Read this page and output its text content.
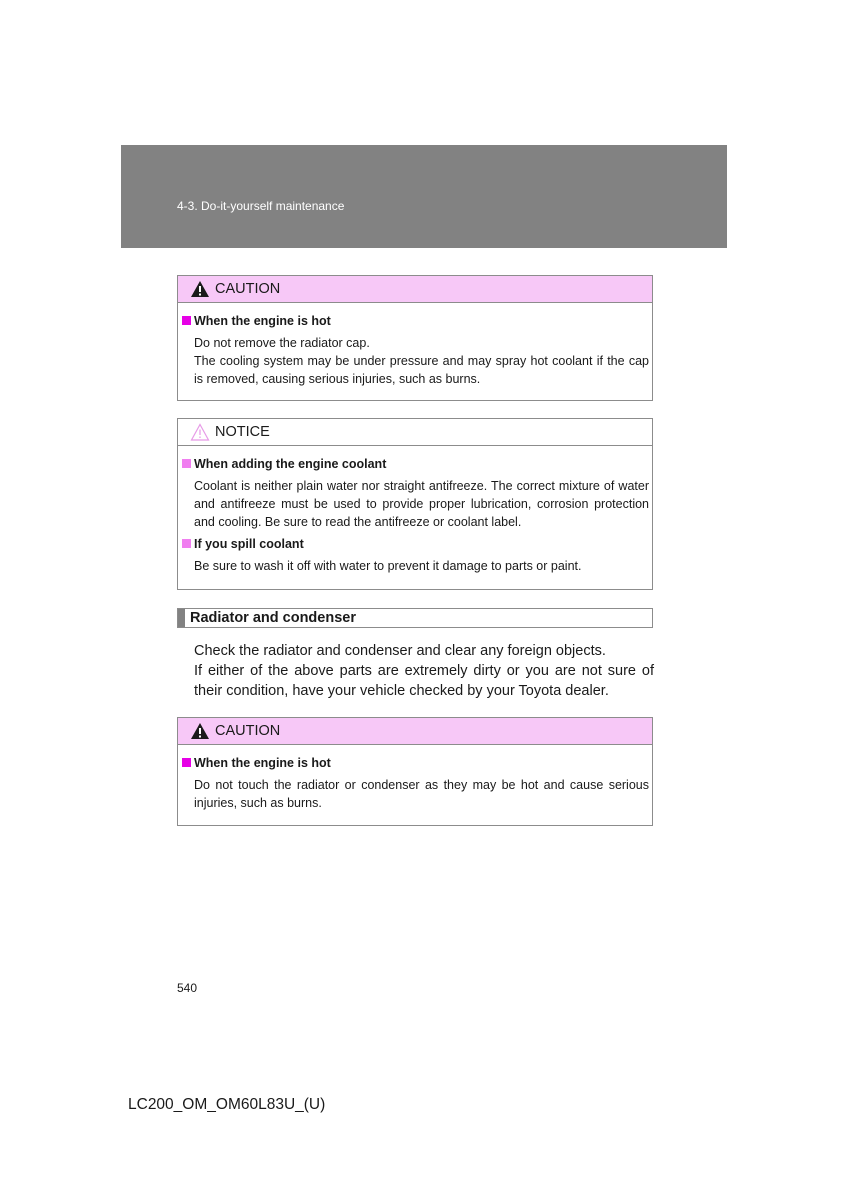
4-3. Do-it-yourself maintenance
CAUTION
When the engine is hot
Do not remove the radiator cap.
The cooling system may be under pressure and may spray hot coolant if the cap is removed, causing serious injuries, such as burns.
NOTICE
When adding the engine coolant
Coolant is neither plain water nor straight antifreeze. The correct mixture of water and antifreeze must be used to provide proper lubrication, corrosion protection and cooling. Be sure to read the antifreeze or coolant label.
If you spill coolant
Be sure to wash it off with water to prevent it damage to parts or paint.
Radiator and condenser
Check the radiator and condenser and clear any foreign objects.
If either of the above parts are extremely dirty or you are not sure of their condition, have your vehicle checked by your Toyota dealer.
CAUTION
When the engine is hot
Do not touch the radiator or condenser as they may be hot and cause serious injuries, such as burns.
540
LC200_OM_OM60L83U_(U)
